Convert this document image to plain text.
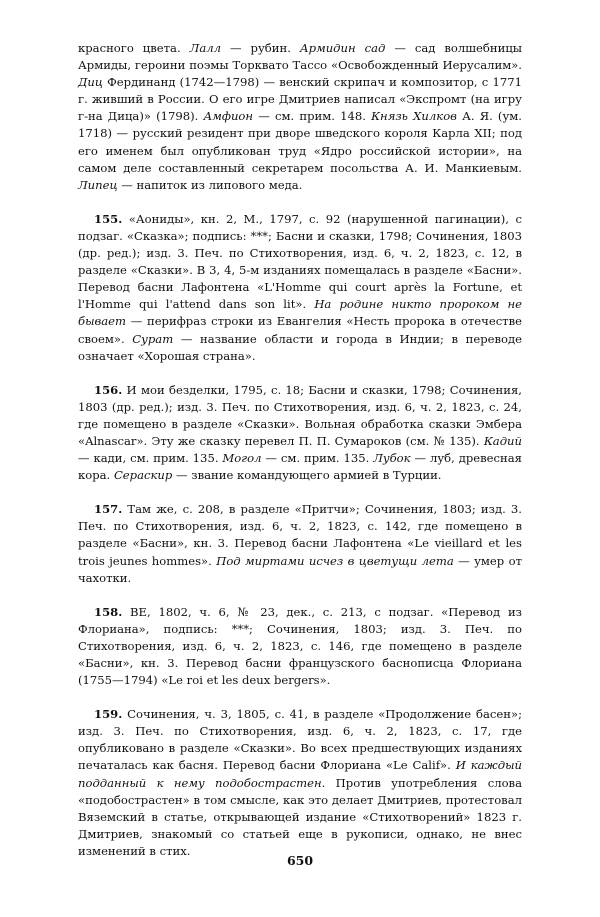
красного цвета. Лалл — рубин. Армидин сад — сад волшебницы Армиды, героини поэмы Торквато Тассо «Освобожденный Иерусалим». Диц Фердинанд (1742—1798) — венский скрипач и композитор, с 1771 г. живший в России. О его игре Дмитриев написал «Экспромт (на игру г-на Дица)» (1798). Амфион — см. прим. 148. Князь Хилков А. Я. (ум. 1718) — русский резидент при дворе шведского короля Карла XII; под его именем был опубликован труд «Ядро российской истории», на самом деле составленный секретарем посольства А. И. Манкиевым. Липец — напиток из липового меда.

155. «Аониды», кн. 2, М., 1797, с. 92 (нарушенной пагинации), с подзаг. «Сказка»; подпись: ***; Басни и сказки, 1798; Сочинения, 1803 (др. ред.); изд. 3. Печ. по Стихотворения, изд. 6, ч. 2, 1823, с. 12, в разделе «Сказки». В 3, 4, 5-м изданиях помещалась в разделе «Басни». Перевод басни Лафонтена «L'Homme qui court après la Fortune, et l'Homme qui l'attend dans son lit». На родине никто пророком не бывает — перифраз строки из Евангелия «Несть пророка в отечестве своем». Сурат — название области и города в Индии; в переводе означает «Хорошая страна».

156. И мои безделки, 1795, с. 18; Басни и сказки, 1798; Сочинения, 1803 (др. ред.); изд. 3. Печ. по Стихотворения, изд. 6, ч. 2, 1823, с. 24, где помещено в разделе «Сказки». Вольная обработка сказки Эмбера «Alnascar». Эту же сказку перевел П. П. Сумароков (см. № 135). Кадий — кади, см. прим. 135. Могол — см. прим. 135. Лубок — луб, древесная кора. Сераскир — звание командующего армией в Турции.

157. Там же, с. 208, в разделе «Притчи»; Сочинения, 1803; изд. 3. Печ. по Стихотворения, изд. 6, ч. 2, 1823, с. 142, где помещено в разделе «Басни», кн. 3. Перевод басни Лафонтена «Le vieillard et les trois jeunes hommes». Под миртами исчез в цветущи лета — умер от чахотки.

158. ВЕ, 1802, ч. 6, № 23, дек., с. 213, с подзаг. «Перевод из Флориана», подпись: ***; Сочинения, 1803; изд. 3. Печ. по Стихотворения, изд. 6, ч. 2, 1823, с. 146, где помещено в разделе «Басни», кн. 3. Перевод басни французского баснописца Флориана (1755—1794) «Le roi et les deux bergers».

159. Сочинения, ч. 3, 1805, с. 41, в разделе «Продолжение басен»; изд. 3. Печ. по Стихотворения, изд. 6, ч. 2, 1823, с. 17, где опубликовано в разделе «Сказки». Во всех предшествующих изданиях печаталась как басня. Перевод басни Флориана «Le Calif». И каждый подданный к нему подобострастен. Против употребления слова «подобострастен» в том смысле, как это делает Дмитриев, протестовал Вяземский в статье, открывающей издание «Стихотворений» 1823 г. Дмитриев, знакомый со статьей еще в рукописи, однако, не внес изменений в стих.

650
